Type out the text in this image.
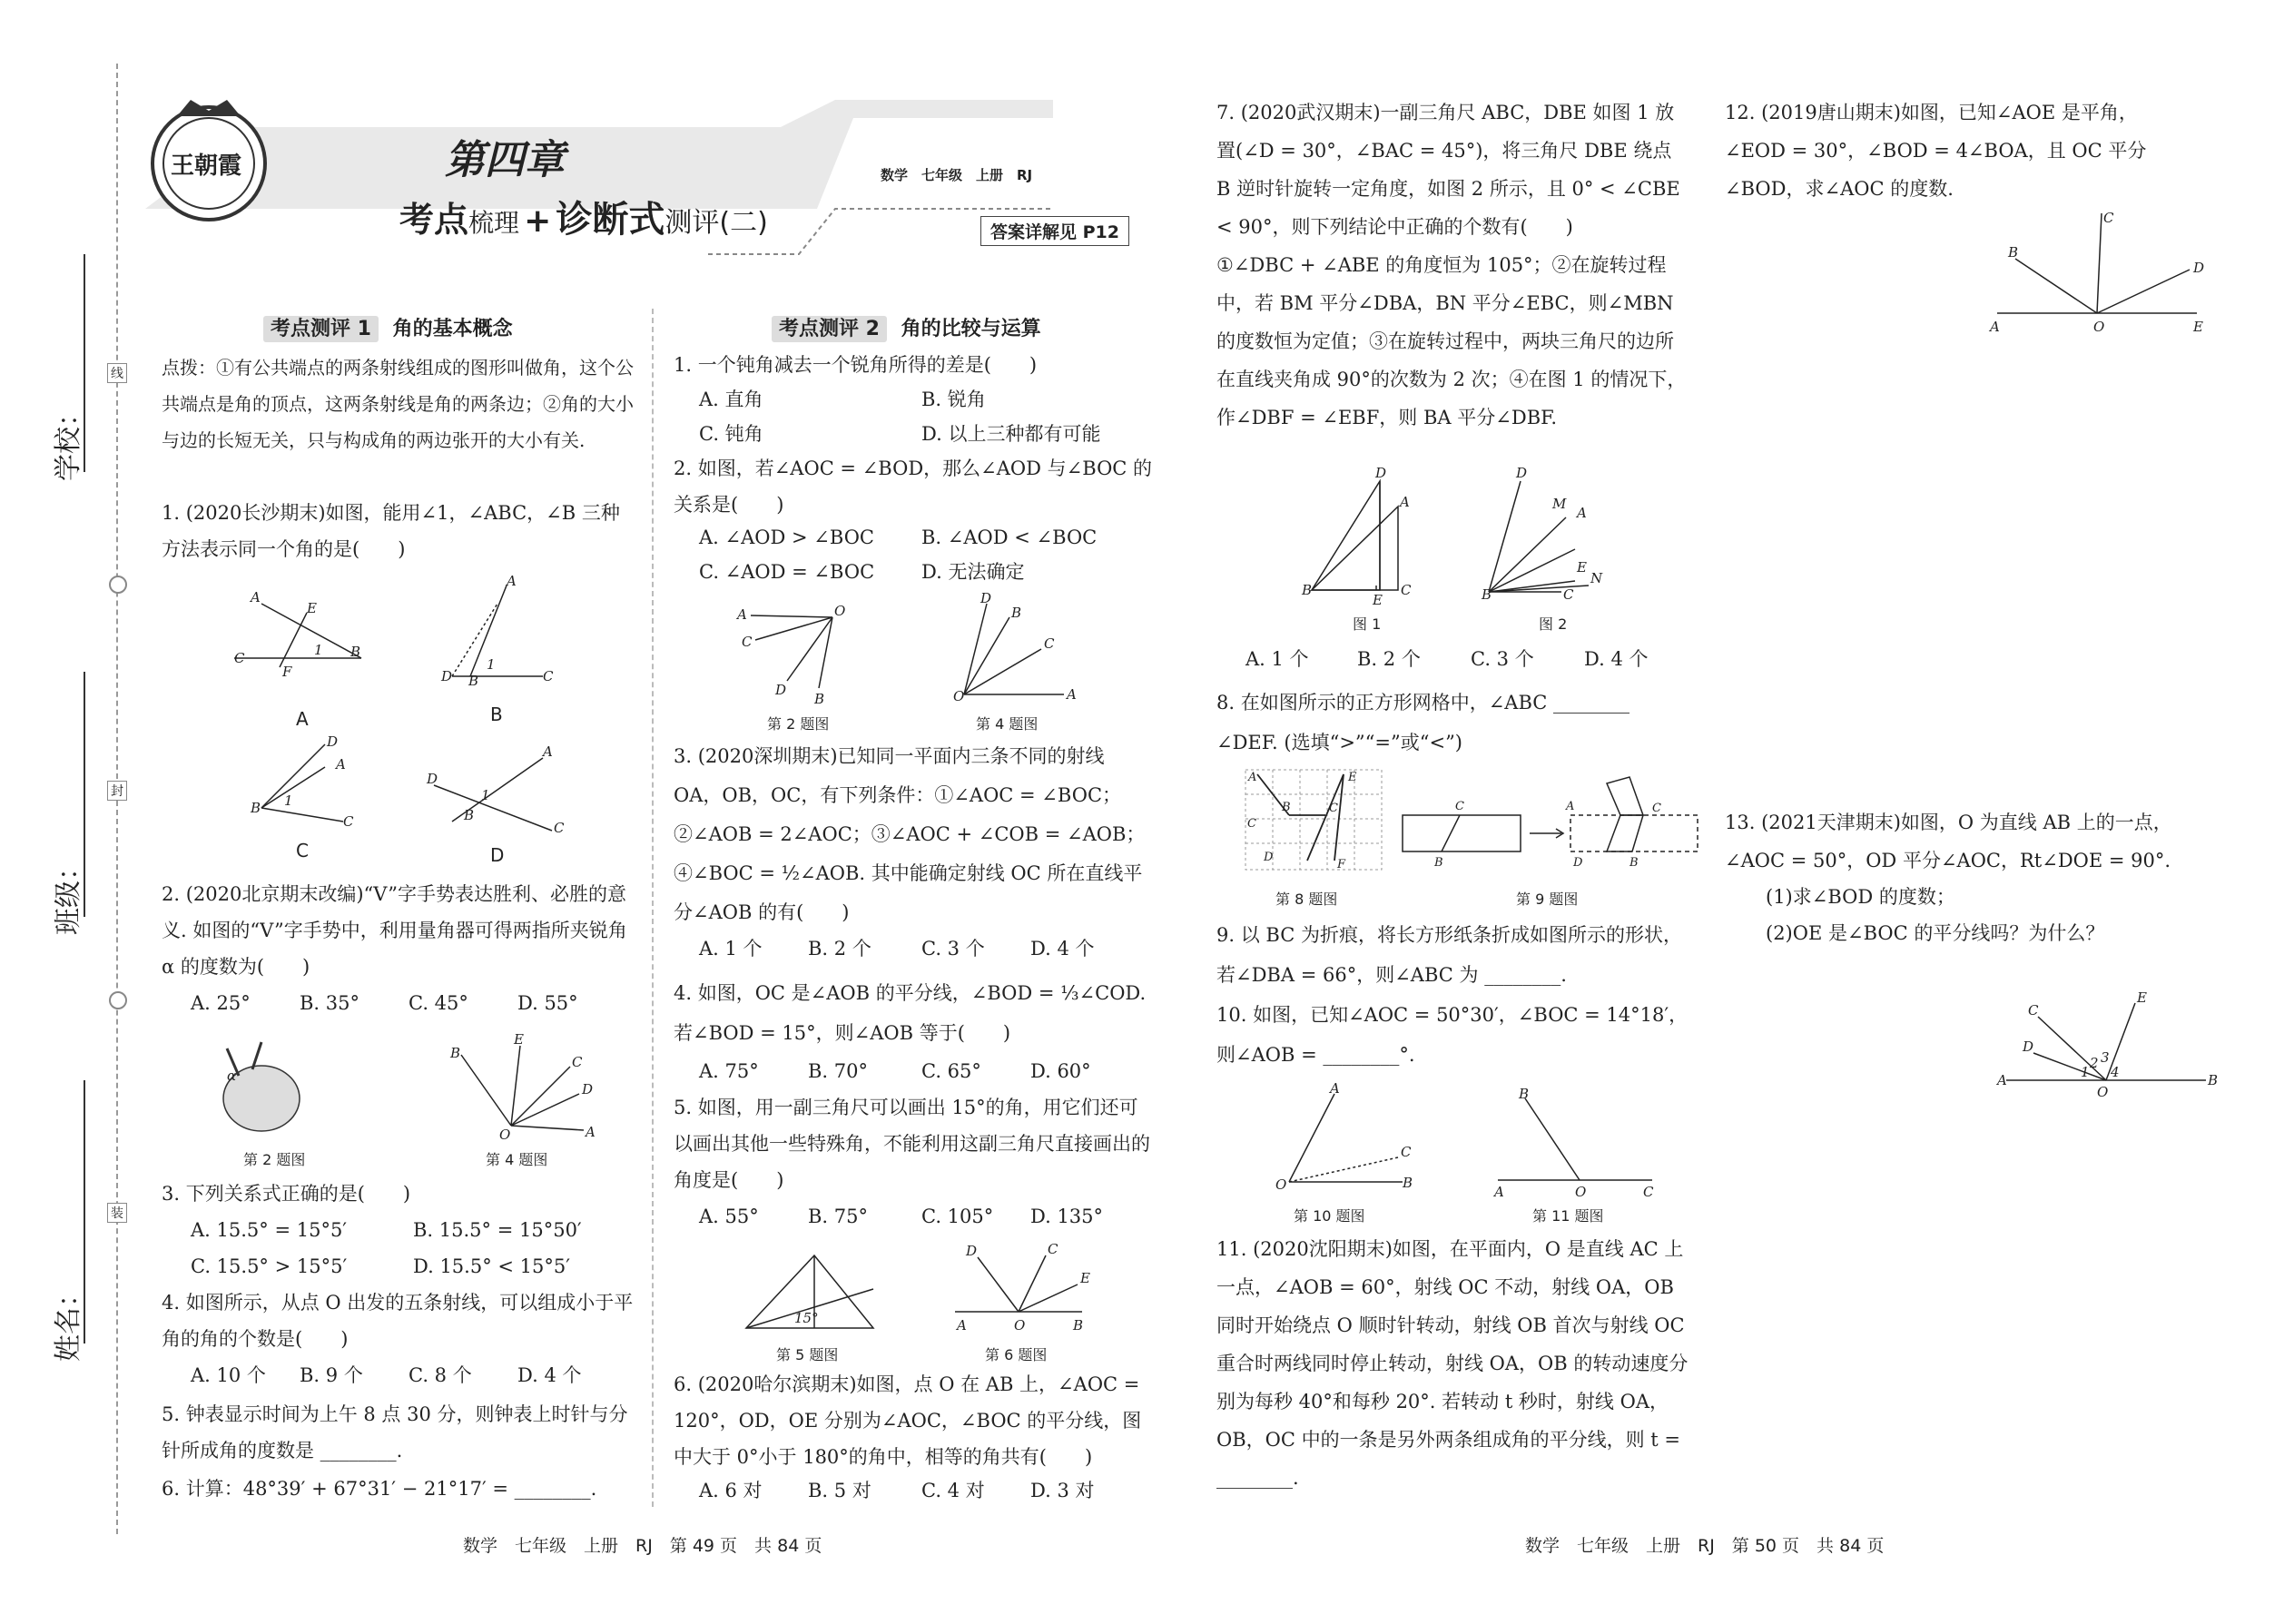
学校：
班级：
姓名：
线
封
装
王朝霞	第四章
考点梳理 + 诊断式测评(二)
数学　七年级　上册　RJ
答案详解见 P12
考点测评 1 角的基本概念
点拨：①有公共端点的两条射线组成的图形叫做角，这个公共端点是角的顶点，这两条射线是角的两条边；②角的大小与边的长短无关，只与构成角的两边张开的大小有关.
1. (2020长沙期末)如图，能用∠1，∠ABC，∠B 三种方法表示同一个角的是(　　)
A
E
C
F
B
1
A
D B	C
1
D
A
B
C
1
A
D
B
C
1
A	B
C	D
2. (2020北京期末改编)“V”字手势表达胜利、必胜的意义. 如图的“V”字手势中，利用量角器可得两指所夹锐角 α 的度数为(　　)
A. 25°	B. 35°	C. 45°	D. 55°
α
B
E
C
D
A
O
第 2 题图	第 4 题图
3. 下列关系式正确的是(　　)
A. 15.5° = 15°5′	B. 15.5° = 15°50′
C. 15.5° > 15°5′	D. 15.5° < 15°5′
4. 如图所示，从点 O 出发的五条射线，可以组成小于平角的角的个数是(　　)
A. 10 个 B. 9 个 C. 8 个 D. 4 个
5. 钟表显示时间为上午 8 点 30 分，则钟表上时针与分针所成角的度数是 ________.
6. 计算：48°39′ + 67°31′ − 21°17′ = ________.
考点测评 2 角的比较与运算
1. 一个钝角减去一个锐角所得的差是(　　)
A. 直角	B. 锐角
C. 钝角	D. 以上三种都有可能
2. 如图，若∠AOC = ∠BOD，那么∠AOD 与∠BOC 的关系是(　　)
A. ∠AOD > ∠BOC B. ∠AOD < ∠BOC
C. ∠AOD = ∠BOC D. 无法确定
A
C
D
B
O
D
B
C
A
O
第 2 题图	第 4 题图
3. (2020深圳期末)已知同一平面内三条不同的射线 OA，OB，OC，有下列条件：①∠AOC = ∠BOC；②∠AOB = 2∠AOC；③∠AOC + ∠COB = ∠AOB；④∠BOC = ½∠AOB. 其中能确定射线 OC 所在直线平分∠AOB 的有(　　)
A. 1 个 B. 2 个	C. 3 个 D. 4 个
4. 如图，OC 是∠AOB 的平分线，∠BOD = ⅓∠COD. 若∠BOD = 15°，则∠AOB 等于(　　)
A. 75°	B. 70°	C. 65°	D. 60°
5. 如图，用一副三角尺可以画出 15°的角，用它们还可以画出其他一些特殊角，不能利用这副三角尺直接画出的角度是(　　)
A. 55°	B. 75°	C. 105° D. 135°
15°
D	C
E
A	O	B
第 5 题图	第 6 题图
6. (2020哈尔滨期末)如图，点 O 在 AB 上，∠AOC = 120°，OD，OE 分别为∠AOC，∠BOC 的平分线，图中大于 0°小于 180°的角中，相等的角共有(　　)
A. 6 对 B. 5 对	C. 4 对 D. 3 对
7. (2020武汉期末)一副三角尺 ABC，DBE 如图 1 放置(∠D = 30°，∠BAC = 45°)，将三角尺 DBE 绕点 B 逆时针旋转一定角度，如图 2 所示，且 0° < ∠CBE < 90°，则下列结论中正确的个数有(　　)
①∠DBC + ∠ABE 的角度恒为 105°；②在旋转过程中，若 BM 平分∠DBA，BN 平分∠EBC，则∠MBN 的度数恒为定值；③在旋转过程中，两块三角尺的边所在直线夹角成 90°的次数为 2 次；④在图 1 的情况下，作∠DBF = ∠EBF，则 BA 平分∠DBF.
D
A
B
E
C
D
M
A
E
N
B	C
图 1	图 2
A. 1 个	B. 2 个	C. 3 个	D. 4 个
8. 在如图所示的正方形网格中，∠ABC ________ ∠DEF. (选填“>”“=”或“<”)
A
B	C
E
D
F
C
C
B
A	C
D	B
第 8 题图	第 9 题图
9. 以 BC 为折痕，将长方形纸条折成如图所示的形状，若∠DBA = 66°，则∠ABC 为 ________.
10. 如图，已知∠AOC = 50°30′，∠BOC = 14°18′，则∠AOB = ________°.
A
C
B
O
B
A	O	C
第 10 题图	第 11 题图
11. (2020沈阳期末)如图，在平面内，O 是直线 AC 上一点，∠AOB = 60°，射线 OC 不动，射线 OA，OB 同时开始绕点 O 顺时针转动，射线 OB 首次与射线 OC 重合时两线同时停止转动，射线 OA，OB 的转动速度分别为每秒 40°和每秒 20°. 若转动 t 秒时，射线 OA，OB，OC 中的一条是另外两条组成角的平分线，则 t = ________.
12. (2019唐山期末)如图，已知∠AOE 是平角，∠EOD = 30°，∠BOD = 4∠BOA，且 OC 平分∠BOD，求∠AOC 的度数.
C
B
D
A	O	E
13. (2021天津期末)如图，O 为直线 AB 上的一点，∠AOC = 50°，OD 平分∠AOC，Rt∠DOE = 90°.
(1)求∠BOD 的度数；
(2)OE 是∠BOC 的平分线吗？为什么？
C
D
E
A	B
O
1
2 3
4
数学　七年级　上册　RJ　第 49 页　共 84 页	数学　七年级　上册　RJ　第 50 页　共 84 页
